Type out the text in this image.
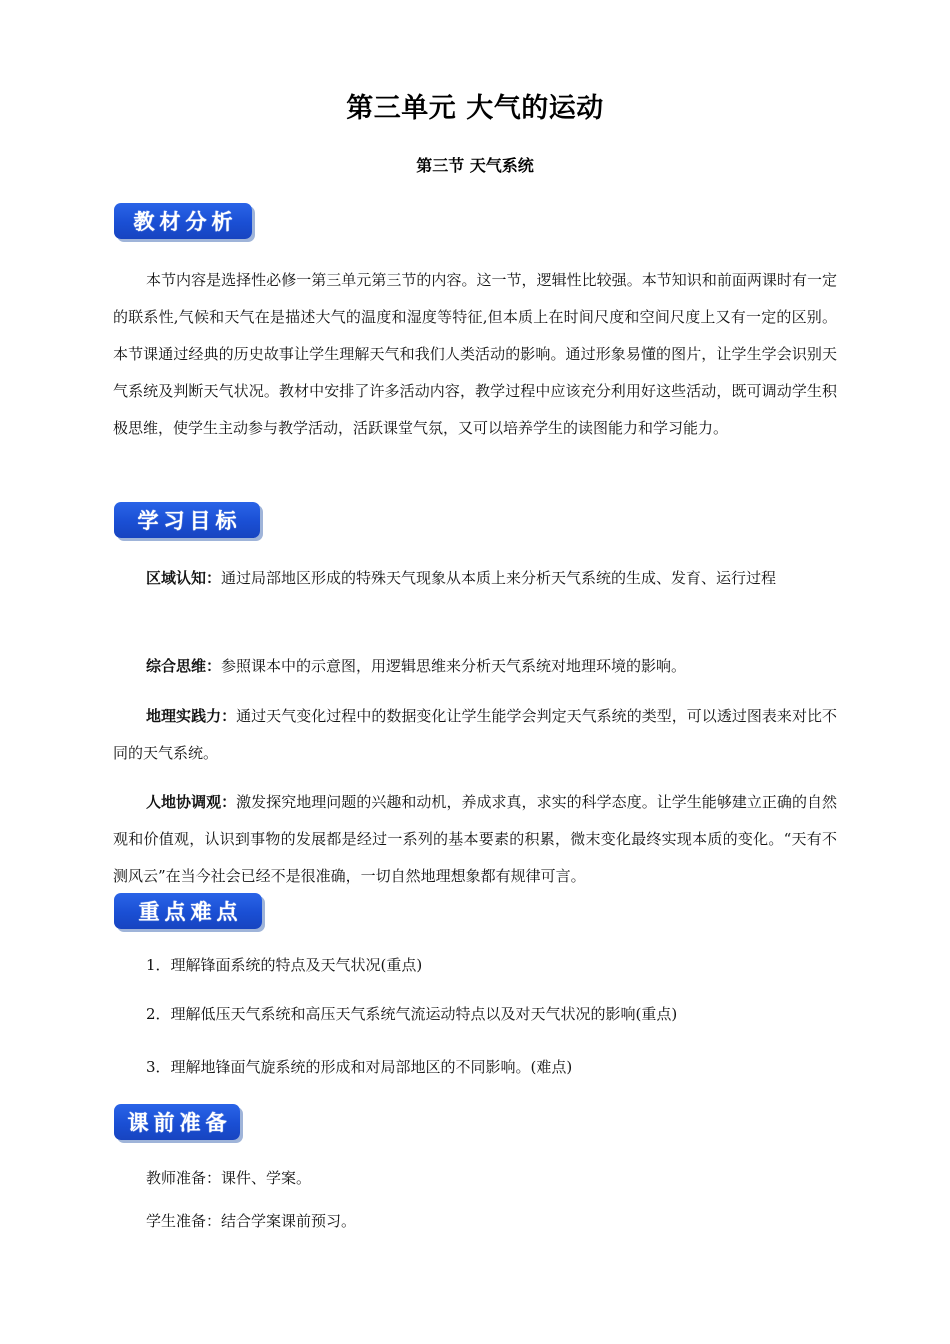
第三单元 大气的运动
第三节 天气系统
教材分析

本节内容是选择性必修一第三单元第三节的内容。这一节，逻辑性比较强。本节知识和前面两课时有一定的联系性,气候和天气在是描述大气的温度和湿度等特征,但本质上在时间尺度和空间尺度上又有一定的区别。本节课通过经典的历史故事让学生理解天气和我们人类活动的影响。通过形象易懂的图片，让学生学会识别天气系统及判断天气状况。教材中安排了许多活动内容，教学过程中应该充分利用好这些活动，既可调动学生积极思维，使学生主动参与教学活动，活跃课堂气氛，又可以培养学生的读图能力和学习能力。

学习目标

区域认知：通过局部地区形成的特殊天气现象从本质上来分析天气系统的生成、发育、运行过程

综合思维：参照课本中的示意图，用逻辑思维来分析天气系统对地理环境的影响。

地理实践力：通过天气变化过程中的数据变化让学生能学会判定天气系统的类型，可以透过图表来对比不同的天气系统。

人地协调观：激发探究地理问题的兴趣和动机，养成求真，求实的科学态度。让学生能够建立正确的自然观和价值观，认识到事物的发展都是经过一系列的基本要素的积累，微末变化最终实现本质的变化。“天有不测风云”在当今社会已经不是很准确，一切自然地理想象都有规律可言。

重点难点

1．理解锋面系统的特点及天气状况(重点)

2．理解低压天气系统和高压天气系统气流运动特点以及对天气状况的影响(重点)

3．理解地锋面气旋系统的形成和对局部地区的不同影响。(难点)

课前准备

教师准备：课件、学案。

学生准备：结合学案课前预习。
